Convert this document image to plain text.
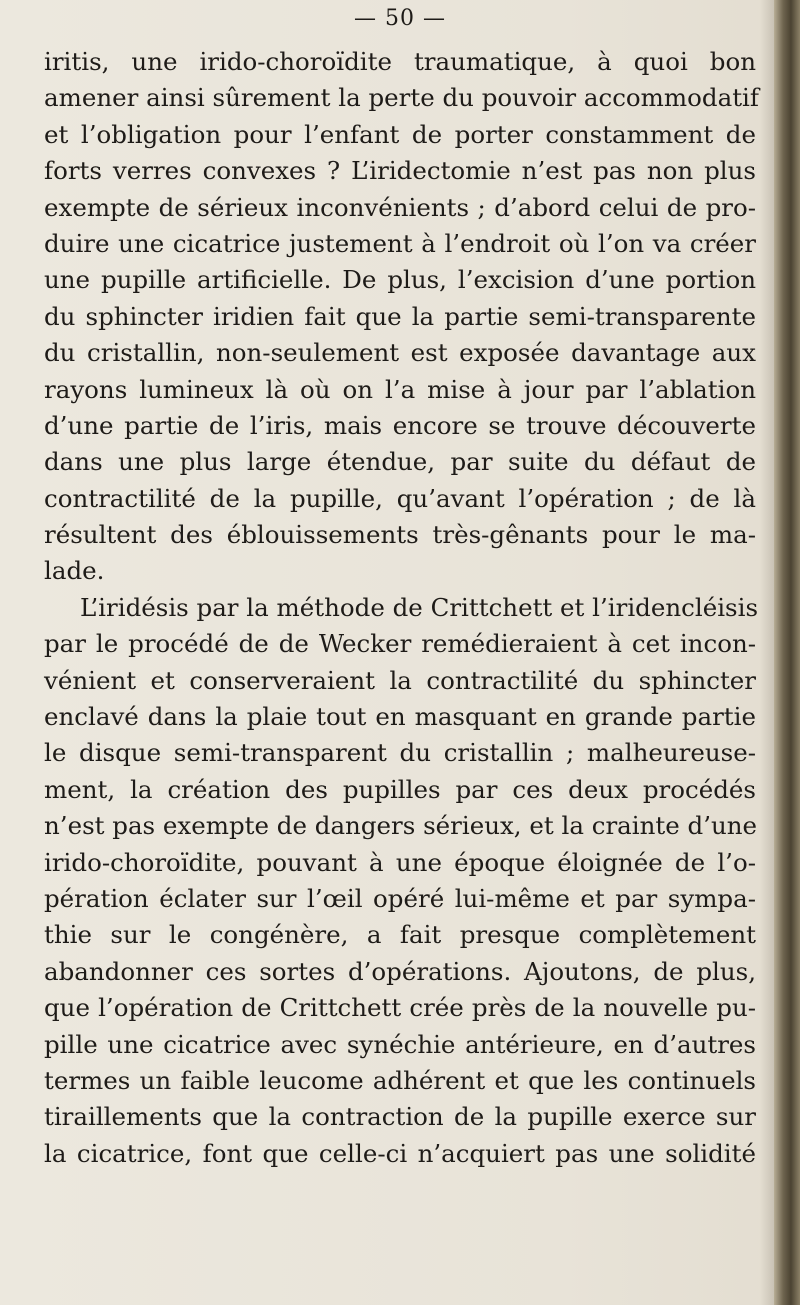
— 50 —
iritis, une irido-choroïdite traumatique, à quoi bon
amener ainsi sûrement la perte du pouvoir accommodatif
et l’obligation pour l’enfant de porter constamment de
forts verres convexes ? L’iridectomie n’est pas non plus
exempte de sérieux inconvénients ; d’abord celui de pro-
duire une cicatrice justement à l’endroit où l’on va créer
une pupille artificielle. De plus, l’excision d’une portion
du sphincter iridien fait que la partie semi-transparente
du cristallin, non-seulement est exposée davantage aux
rayons lumineux là où on l’a mise à jour par l’ablation
d’une partie de l’iris, mais encore se trouve découverte
dans une plus large étendue, par suite du défaut de
contractilité de la pupille, qu’avant l’opération ; de là
résultent des éblouissements très-gênants pour le ma-
lade.
L’iridésis par la méthode de Crittchett et l’iridencléisis
par le procédé de de Wecker remédieraient à cet incon-
vénient et conserveraient la contractilité du sphincter
enclavé dans la plaie tout en masquant en grande partie
le disque semi-transparent du cristallin ; malheureuse-
ment, la création des pupilles par ces deux procédés
n’est pas exempte de dangers sérieux, et la crainte d’une
irido-choroïdite, pouvant à une époque éloignée de l’o-
pération éclater sur l’œil opéré lui-même et par sympa-
thie sur le congénère, a fait presque complètement
abandonner ces sortes d’opérations. Ajoutons, de plus,
que l’opération de Crittchett crée près de la nouvelle pu-
pille une cicatrice avec synéchie antérieure, en d’autres
termes un faible leucome adhérent et que les continuels
tiraillements que la contraction de la pupille exerce sur
la cicatrice, font que celle-ci n’acquiert pas une solidité
